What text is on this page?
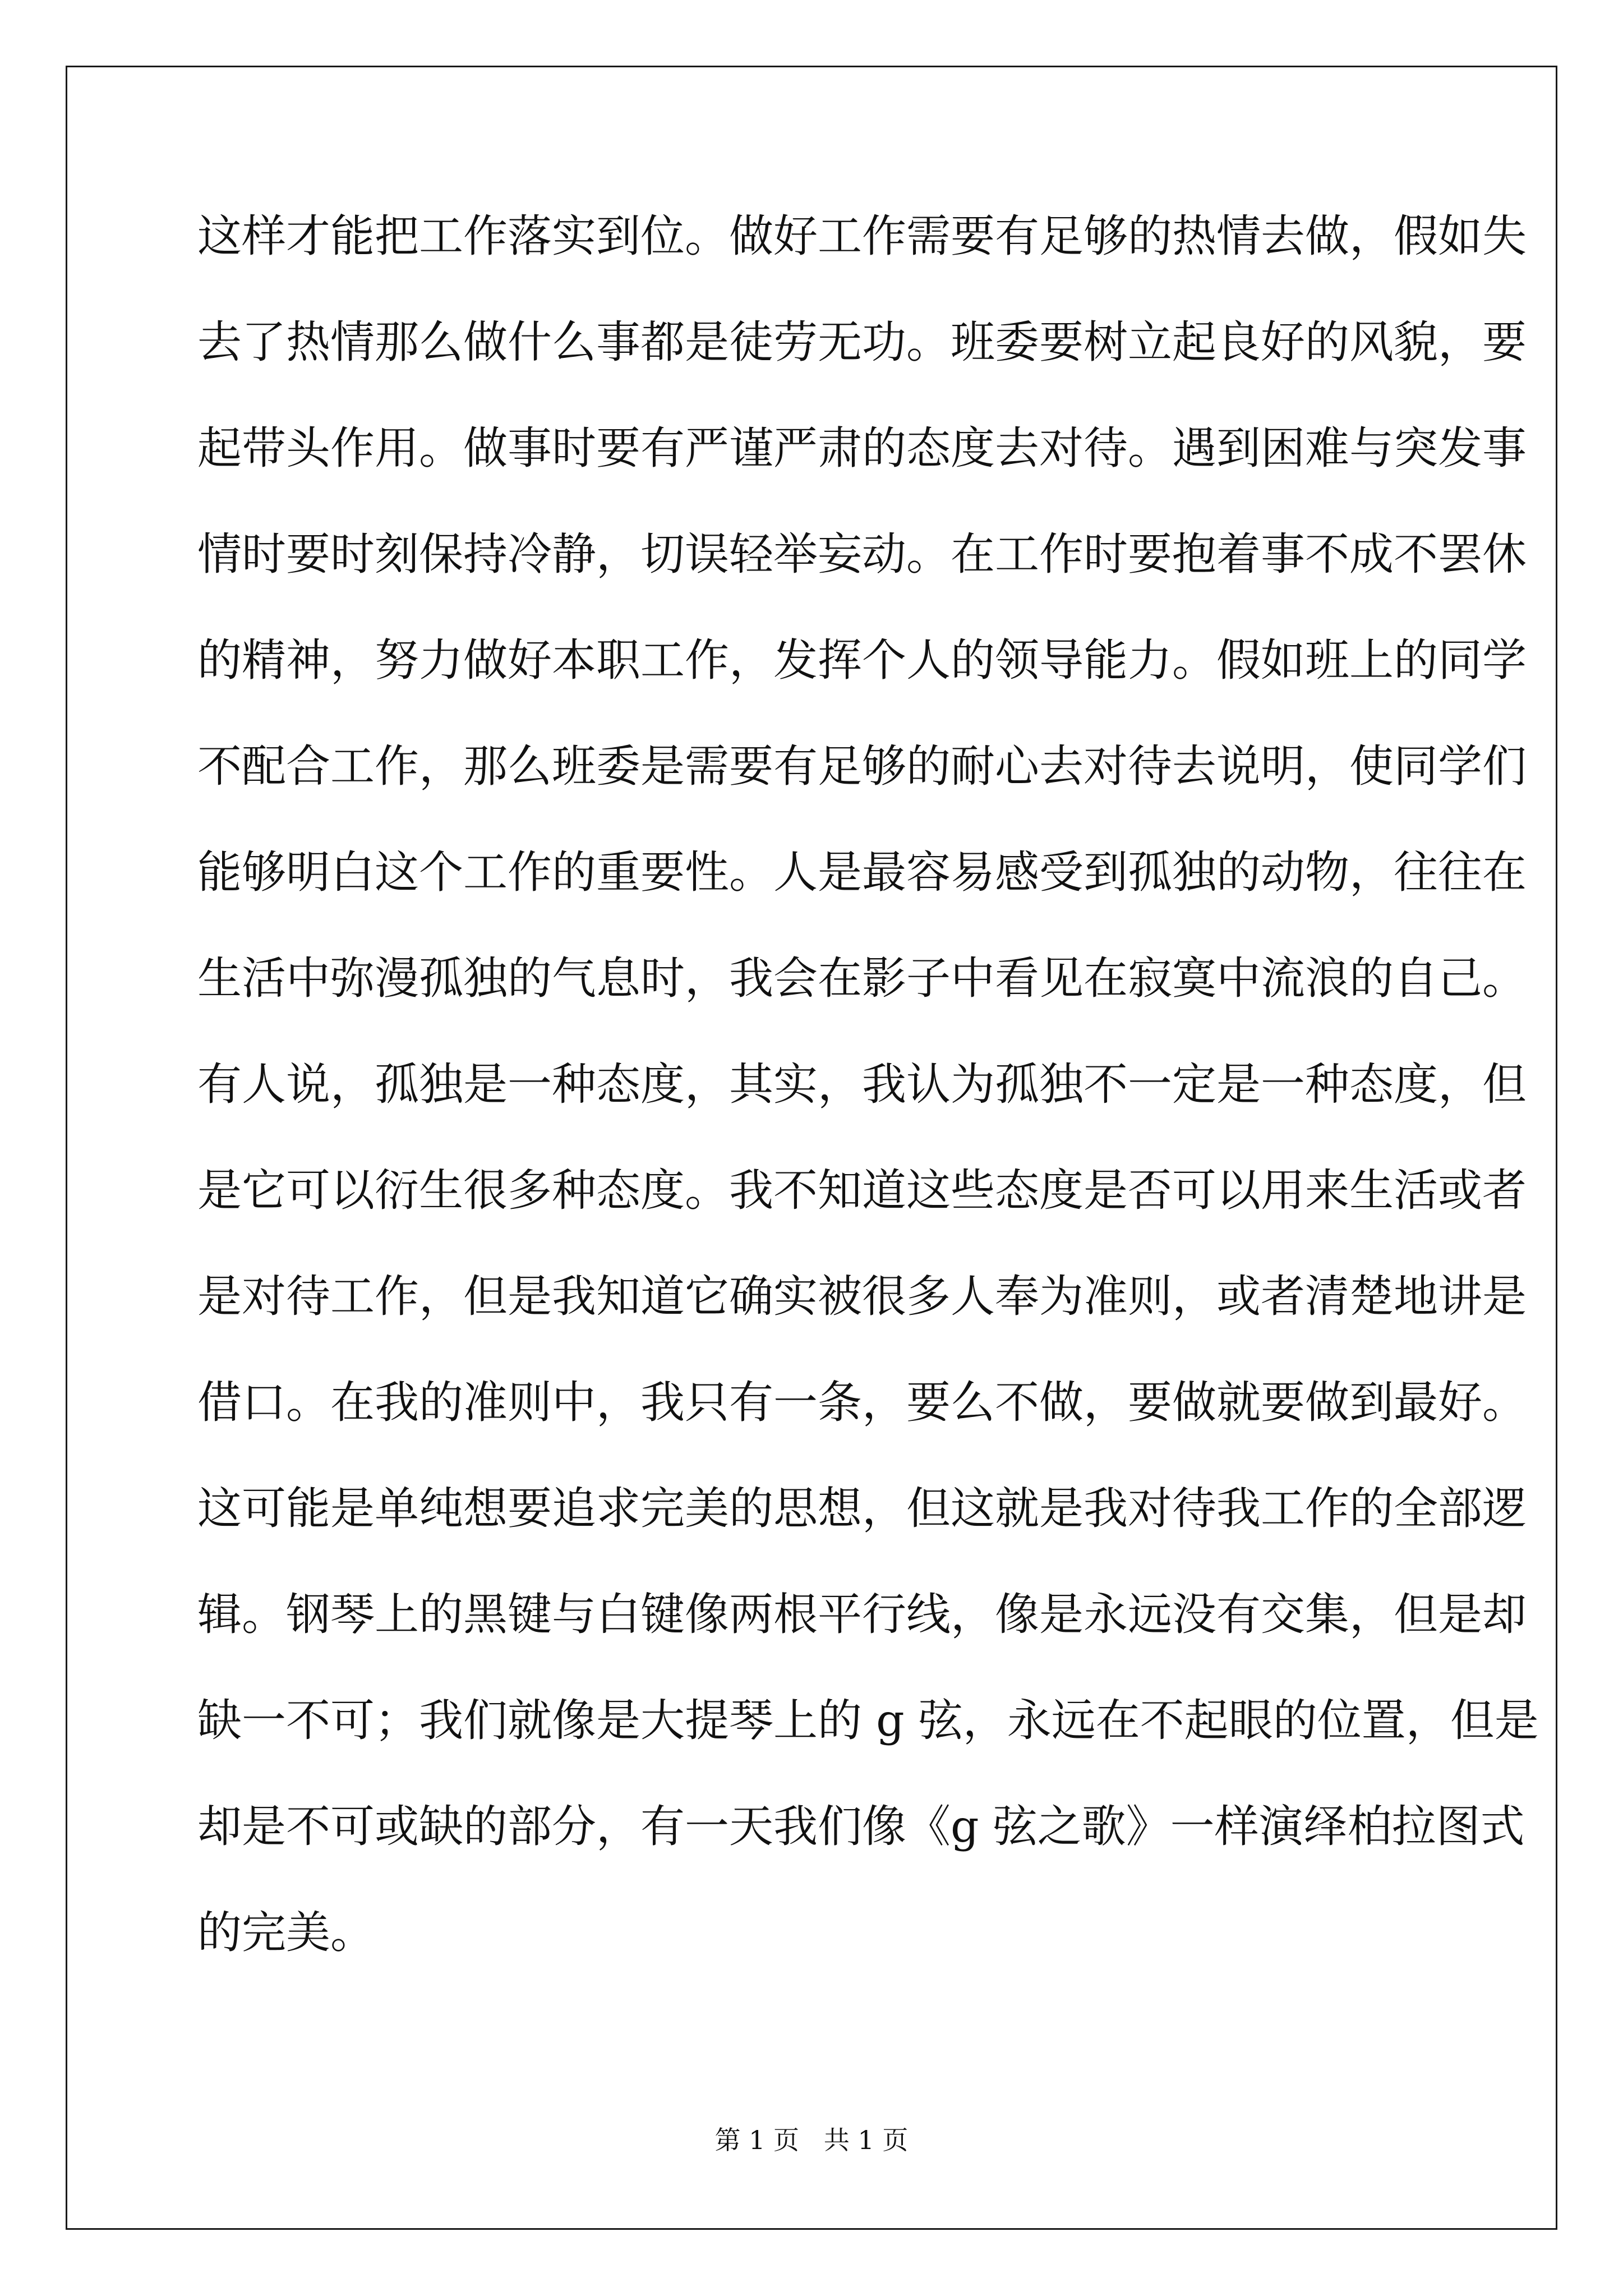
这样才能把工作落实到位。做好工作需要有足够的热情去做，假如失
去了热情那么做什么事都是徒劳无功。班委要树立起良好的风貌，要
起带头作用。做事时要有严谨严肃的态度去对待。遇到困难与突发事
情时要时刻保持冷静，切误轻举妄动。在工作时要抱着事不成不罢休
的精神，努力做好本职工作，发挥个人的领导能力。假如班上的同学
不配合工作，那么班委是需要有足够的耐心去对待去说明，使同学们
能够明白这个工作的重要性。人是最容易感受到孤独的动物，往往在
生活中弥漫孤独的气息时，我会在影子中看见在寂寞中流浪的自己。
有人说，孤独是一种态度，其实，我认为孤独不一定是一种态度，但
是它可以衍生很多种态度。我不知道这些态度是否可以用来生活或者
是对待工作，但是我知道它确实被很多人奉为准则，或者清楚地讲是
借口。在我的准则中，我只有一条，要么不做，要做就要做到最好。
这可能是单纯想要追求完美的思想，但这就是我对待我工作的全部逻
辑。钢琴上的黑键与白键像两根平行线，像是永远没有交集，但是却
缺一不可；我们就像是大提琴上的 g 弦，永远在不起眼的位置，但是
却是不可或缺的部分，有一天我们像《g 弦之歌》一样演绎柏拉图式
的完美。
第 1 页   共 1 页
